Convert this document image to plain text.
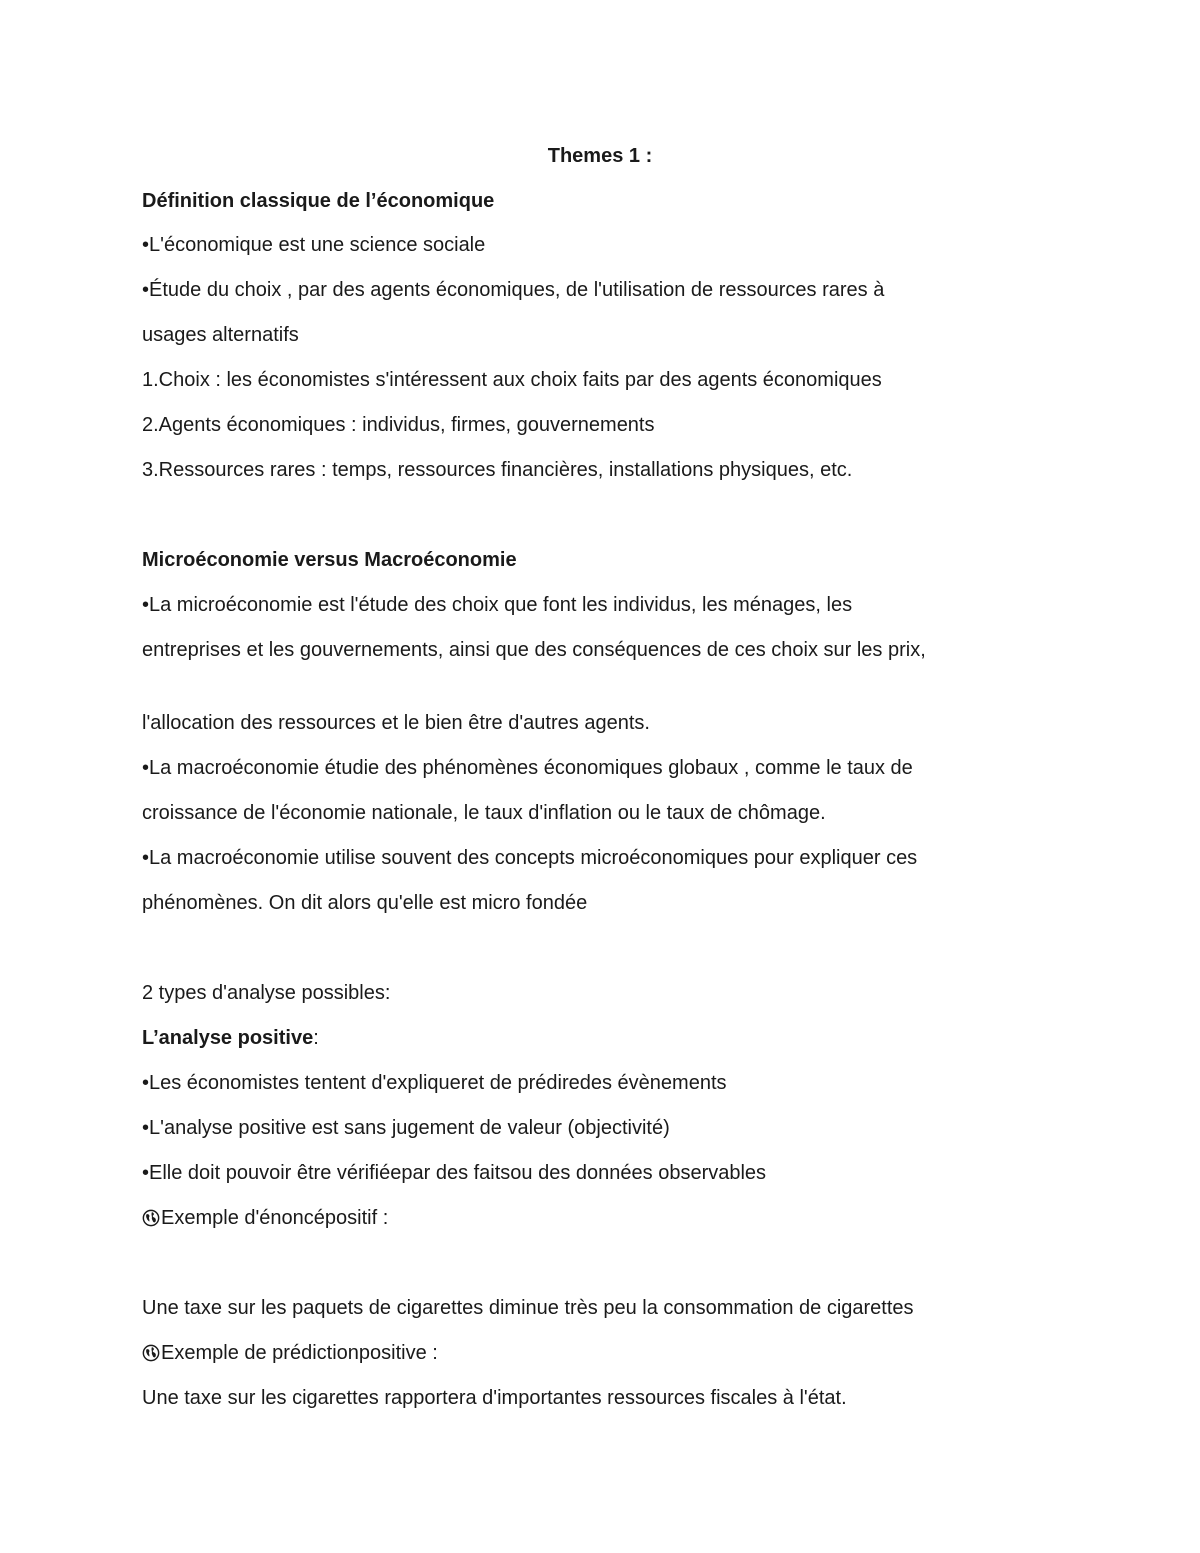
Themes 1 :
Définition classique de l’économique
•L'économique est une science sociale
•Étude du choix , par des agents économiques, de l'utilisation de ressources rares à
usages alternatifs
1.Choix : les économistes s'intéressent aux choix faits par des agents économiques
2.Agents économiques : individus, firmes, gouvernements
3.Ressources rares : temps, ressources financières, installations physiques, etc.
Microéconomie versus Macroéconomie
•La microéconomie est l'étude des choix que font les individus, les ménages, les
entreprises et les gouvernements, ainsi que des conséquences de ces choix sur les prix,
l'allocation des ressources et le bien être d'autres agents.
•La macroéconomie étudie des phénomènes économiques globaux , comme le taux de
croissance de l'économie nationale, le taux d'inflation ou le taux de chômage.
•La macroéconomie utilise souvent des concepts microéconomiques pour expliquer ces
phénomènes. On dit alors qu'elle est micro fondée
2 types d'analyse possibles:
L’analyse positive:
•Les économistes tentent d'expliqueret de prédiredes évènements
•L'analyse positive est sans jugement de valeur (objectivité)
•Elle doit pouvoir être vérifiéepar des faitsou des données observables
Exemple d'énoncépositif :
Une taxe sur les paquets de cigarettes diminue très peu la consommation de cigarettes
Exemple de prédictionpositive :
Une taxe sur les cigarettes rapportera d'importantes ressources fiscales à l'état.
